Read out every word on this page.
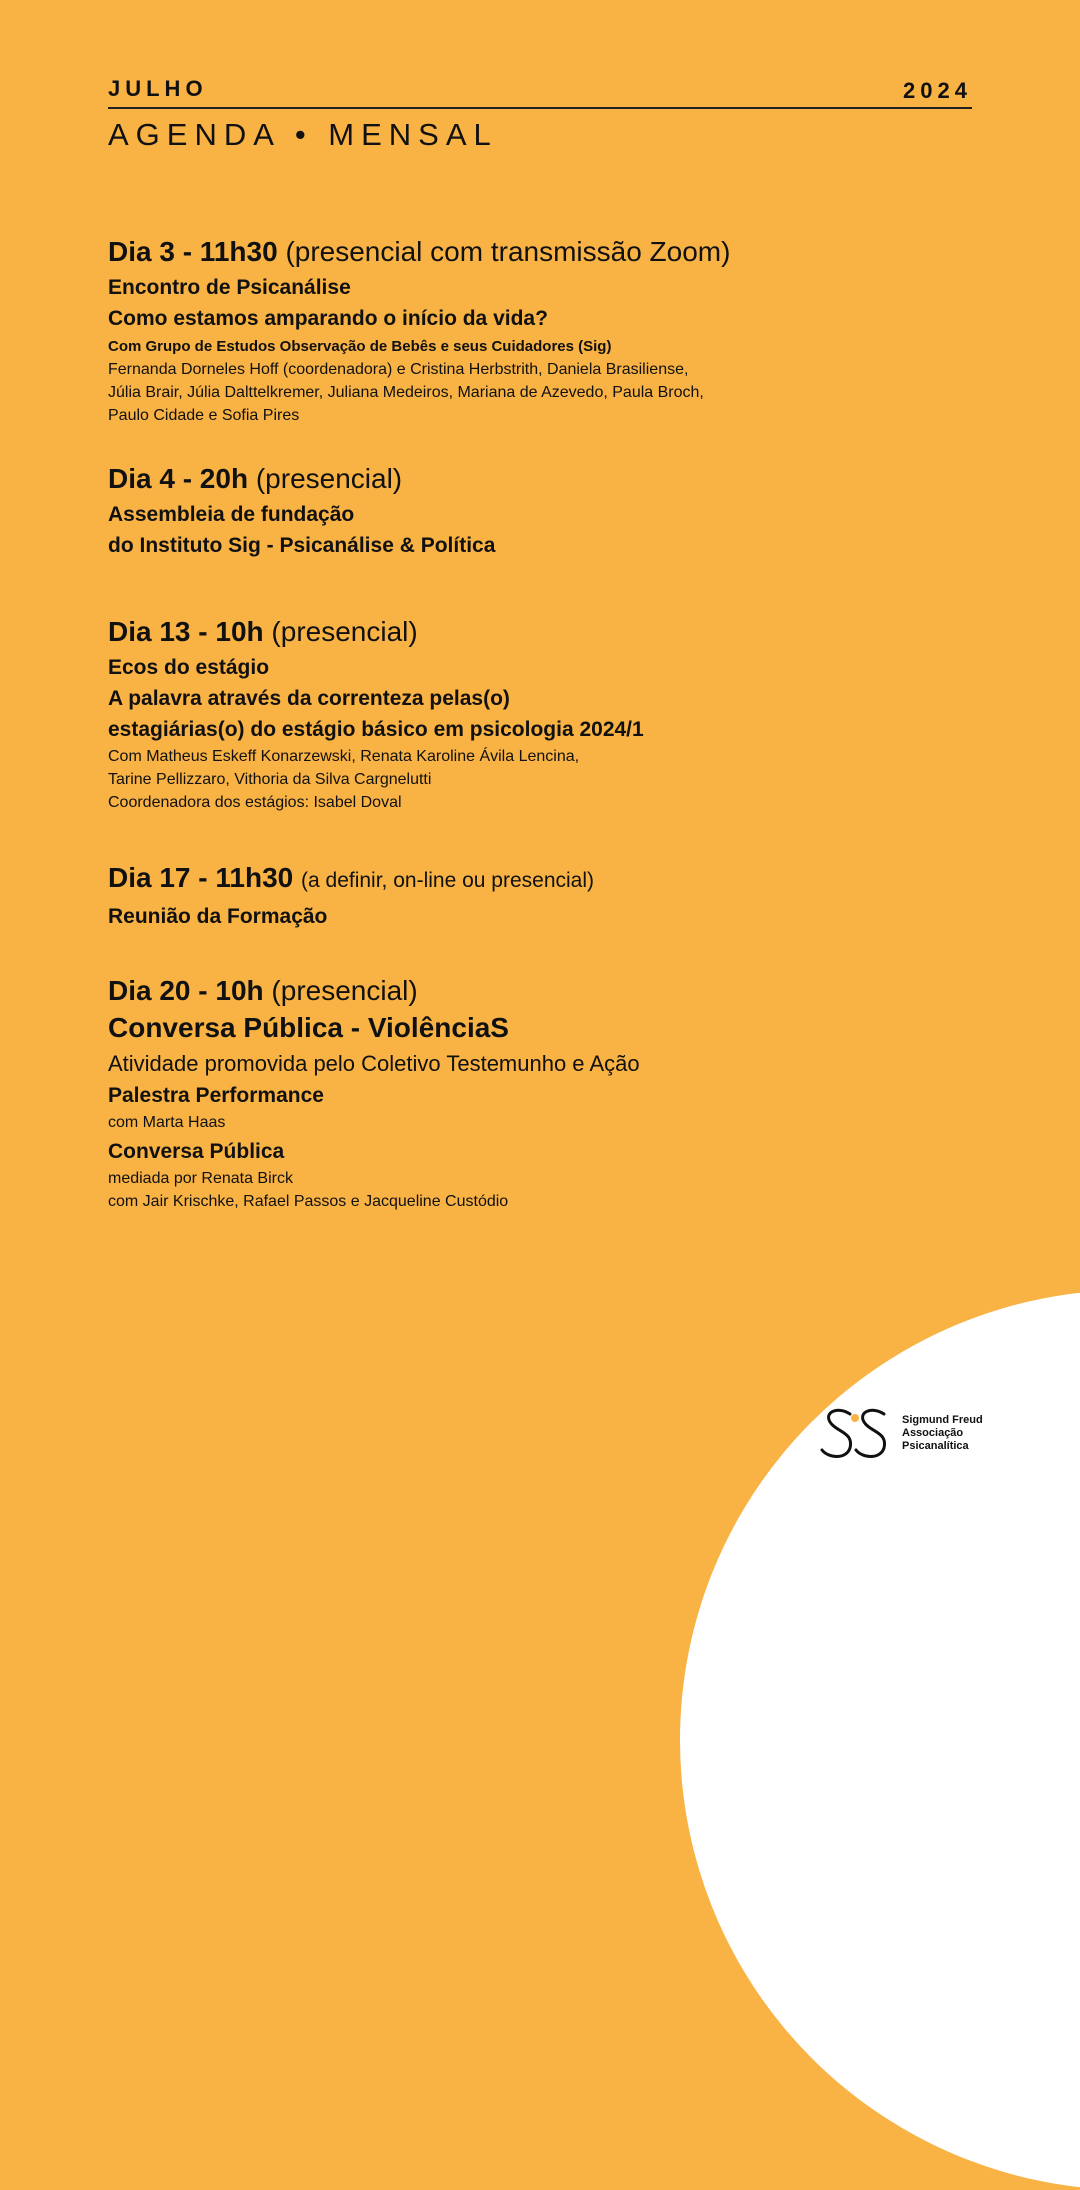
JULHO	2024
AGENDA • MENSAL
Dia 3 - 11h30 (presencial com transmissão Zoom)
Encontro de Psicanálise
Como estamos amparando o início da vida?
Com Grupo de Estudos Observação de Bebês e seus Cuidadores (Sig)
Fernanda Dorneles Hoff (coordenadora) e Cristina Herbstrith, Daniela Brasiliense,
Júlia Brair, Júlia Dalttelkremer, Juliana Medeiros, Mariana de Azevedo, Paula Broch,
Paulo Cidade e Sofia Pires
Dia 4 - 20h (presencial)
Assembleia de fundação
do Instituto Sig - Psicanálise & Política
Dia 13 - 10h (presencial)
Ecos do estágio
A palavra através da correnteza pelas(o)
estagiárias(o) do estágio básico em psicologia 2024/1
Com Matheus Eskeff Konarzewski, Renata Karoline Ávila Lencina,
Tarine Pellizzaro, Vithoria da Silva Cargnelutti
Coordenadora dos estágios: Isabel Doval
Dia 17 - 11h30 (a definir, on-line ou presencial)
Reunião da Formação
Dia 20 - 10h (presencial)
Conversa Pública - ViolênciaS
Atividade promovida pelo Coletivo Testemunho e Ação
Palestra Performance
com Marta Haas
Conversa Pública
mediada por Renata Birck
com Jair Krischke, Rafael Passos e Jacqueline Custódio
Sigmund Freud
Associação
Psicanalítica
